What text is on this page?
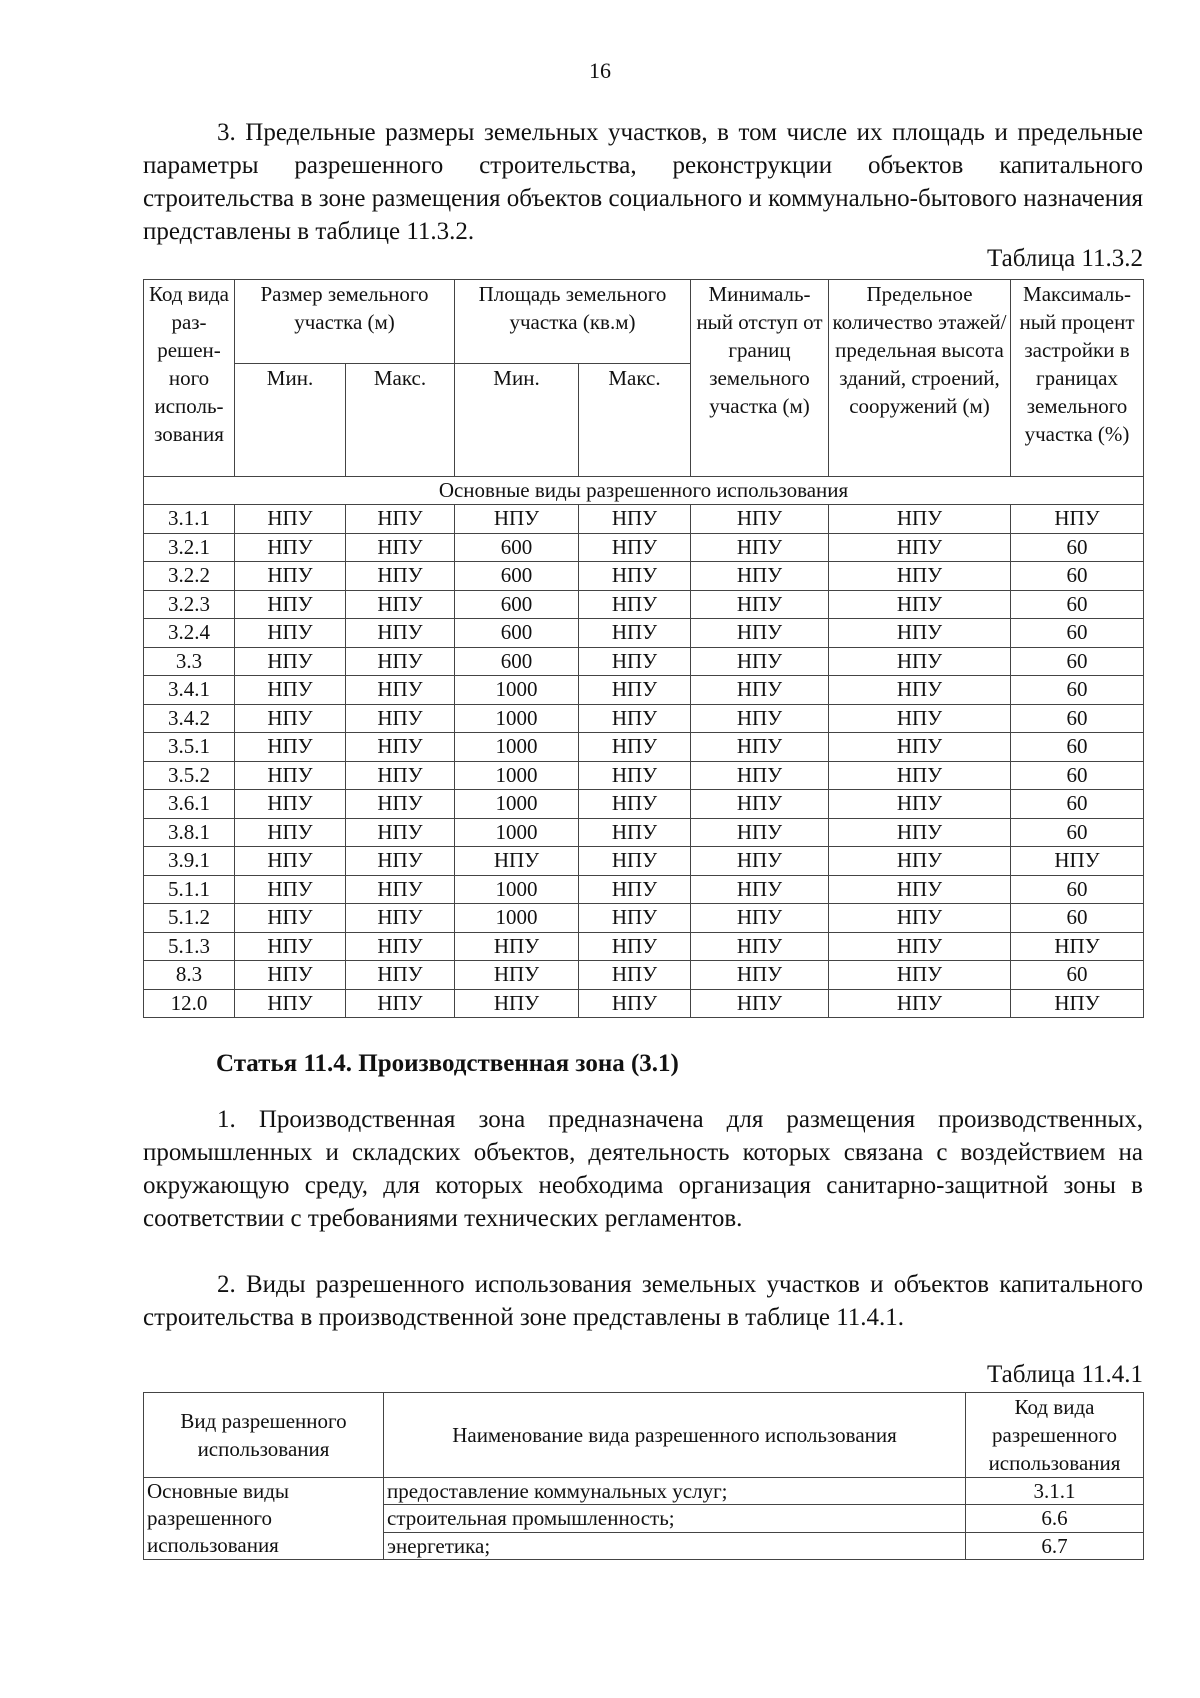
16

3. Предельные размеры земельных участков, в том числе их площадь и предельные параметры разрешенного строительства, реконструкции объектов капитального строительства в зоне размещения объектов социального и коммунально-бытового назначения представлены в таблице 11.3.2.

Таблица 11.3.2
Код вида раз-решен-ного исполь-зования	Размер земельного участка (м)		Площадь земельного участка (кв.м)		Минималь-ный отступ от границ земельного участка (м)	Предельное количество этажей/ предельная высота зданий, строений, сооружений (м)	Максималь-ный процент застройки в границах земельного участка (%)
	Мин.	Макс.	Мин.	Макс.			
Основные виды разрешенного использования							
3.1.1	НПУ	НПУ	НПУ	НПУ	НПУ	НПУ	НПУ
3.2.1	НПУ	НПУ	600	НПУ	НПУ	НПУ	60
3.2.2	НПУ	НПУ	600	НПУ	НПУ	НПУ	60
3.2.3	НПУ	НПУ	600	НПУ	НПУ	НПУ	60
3.2.4	НПУ	НПУ	600	НПУ	НПУ	НПУ	60
3.3	НПУ	НПУ	600	НПУ	НПУ	НПУ	60
3.4.1	НПУ	НПУ	1000	НПУ	НПУ	НПУ	60
3.4.2	НПУ	НПУ	1000	НПУ	НПУ	НПУ	60
3.5.1	НПУ	НПУ	1000	НПУ	НПУ	НПУ	60
3.5.2	НПУ	НПУ	1000	НПУ	НПУ	НПУ	60
3.6.1	НПУ	НПУ	1000	НПУ	НПУ	НПУ	60
3.8.1	НПУ	НПУ	1000	НПУ	НПУ	НПУ	60
3.9.1	НПУ	НПУ	НПУ	НПУ	НПУ	НПУ	НПУ
5.1.1	НПУ	НПУ	1000	НПУ	НПУ	НПУ	60
5.1.2	НПУ	НПУ	1000	НПУ	НПУ	НПУ	60
5.1.3	НПУ	НПУ	НПУ	НПУ	НПУ	НПУ	НПУ
8.3	НПУ	НПУ	НПУ	НПУ	НПУ	НПУ	60
12.0	НПУ	НПУ	НПУ	НПУ	НПУ	НПУ	НПУ
Статья 11.4. Производственная зона (3.1)

1. Производственная зона предназначена для размещения производственных, промышленных и складских объектов, деятельность которых связана с воздействием на окружающую среду, для которых необходима организация санитарно-защитной зоны в соответствии с требованиями технических регламентов.

2. Виды разрешенного использования земельных участков и объектов капитального строительства в производственной зоне представлены в таблице 11.4.1.

Таблица 11.4.1
Вид разрешенного использования	Наименование вида разрешенного использования	Код вида разрешенного использования
Основные виды разрешенного использования	предоставление коммунальных услуг;	3.1.1
	строительная промышленность;	6.6
	энергетика;	6.7
